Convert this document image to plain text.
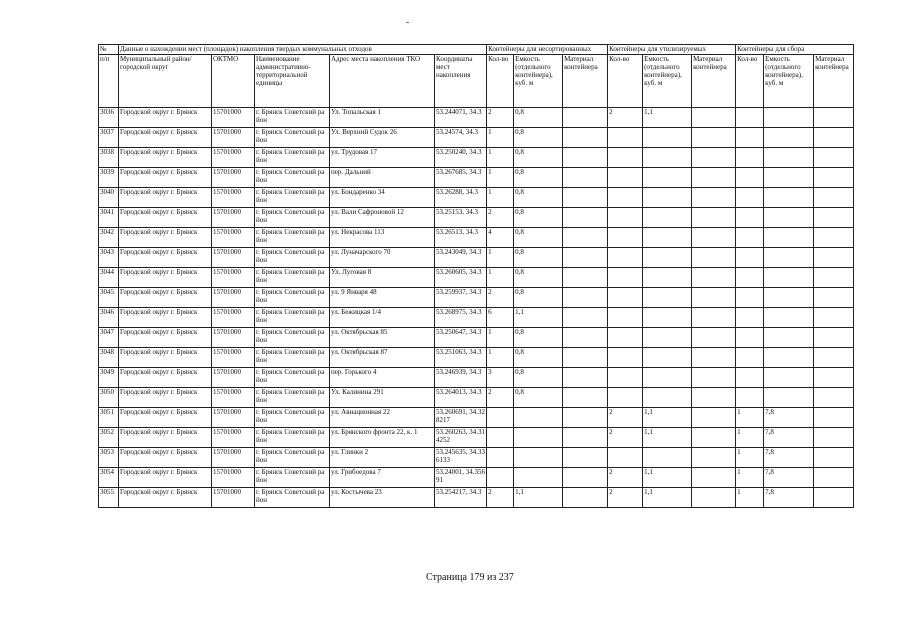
№	Данные о нахождении мест (площадок) накопления твердых коммунальных отходов					Контейнеры для несортированных			Контейнеры для утилизируемых			Контейнеры для сбора		
п/п	Муниципальный район/городской округ	ОКТМО	Наименование административно-территориальной единицы	Адрес места накопления ТКО	Координаты мест накопления	Кол-во	Емкость (отдельного контейнера), куб. м	Материал контейнера	Кол-во	Емкость (отдельного контейнера), куб. м	Материал контейнера	Кол-во	Емкость (отдельного контейнера), куб. м	Материал контейнера
3036	Городской округ г. Брянск	15701000	г. Брянск Советский район	Ул. Топальская 1	53.244071, 34.3	2	0,8		2	1,1				
3037	Городской округ г. Брянск	15701000	г. Брянск Советский район	Ул. Верхний Судок 26	53.24574, 34.3	1	0,8							
3038	Городской округ г. Брянск	15701000	г. Брянск Советский район	ул. Трудовая 17	53.250240, 34.3	1	0,8							
3039	Городской округ г. Брянск	15701000	г. Брянск Советский район	пер. Дальний	53.267685, 34.3	1	0,8							
3040	Городской округ г. Брянск	15701000	г. Брянск Советский район	ул. Бондаренко 34	53.26288, 34.3	1	0,8							
3041	Городской округ г. Брянск	15701000	г. Брянск Советский район	ул. Вали Сафроновой 12	53.25153, 34.3	2	0,8							
3042	Городской округ г. Брянск	15701000	г. Брянск Советский район	ул. Некрасова 113	53.26513, 34.3	4	0,8							
3043	Городской округ г. Брянск	15701000	г. Брянск Советский район	ул. Луначарского 70	53.243049, 34.3	1	0,8							
3044	Городской округ г. Брянск	15701000	г. Брянск Советский район	Ул. Луговая 8	53.260605, 34.3	1	0,8							
3045	Городской округ г. Брянск	15701000	г. Брянск Советский район	ул. 9 Января 48	53.259937, 34.3	2	0,8							
3046	Городской округ г. Брянск	15701000	г. Брянск Советский район	ул. Бежицкая 1/4	53.268975, 34.3	6	1,1							
3047	Городской округ г. Брянск	15701000	г. Брянск Советский район	ул. Октябрьская 85	53.250647, 34.3	1	0,8							
3048	Городской округ г. Брянск	15701000	г. Брянск Советский район	ул. Октябрьская 87	53.251063, 34.3	1	0,8							
3049	Городской округ г. Брянск	15701000	г. Брянск Советский район	пер. Горького 4	53.246939, 34.3	3	0,8							
3050	Городской округ г. Брянск	15701000	г. Брянск Советский район	Ул. Калинина 291	53.264013, 34.3	2	0,8							
3051	Городской округ г. Брянск	15701000	г. Брянск Советский район	ул. Авиационная 22	53.260691, 34.328217				2	1,1		1	7,8	
3052	Городской округ г. Брянск	15701000	г. Брянск Советский район	ул. Брянского фронта 22, к. 1	53.260263, 34.314252				2	1,1		1	7,8	
3053	Городской округ г. Брянск	15701000	г. Брянск Советский район	ул. Глинки 2	53.245635, 34.336133							1	7,8	
3054	Городской округ г. Брянск	15701000	г. Брянск Советский район	ул. Грибоедова 7	53.24001, 34.35691				2	1,1		1	7,8	
3055	Городской округ г. Брянск	15701000	г. Брянск Советский район	ул. Костычева 23	53.254217, 34.3	2	1,1		2	1,1		1	7,8	
Страница 179 из 237
